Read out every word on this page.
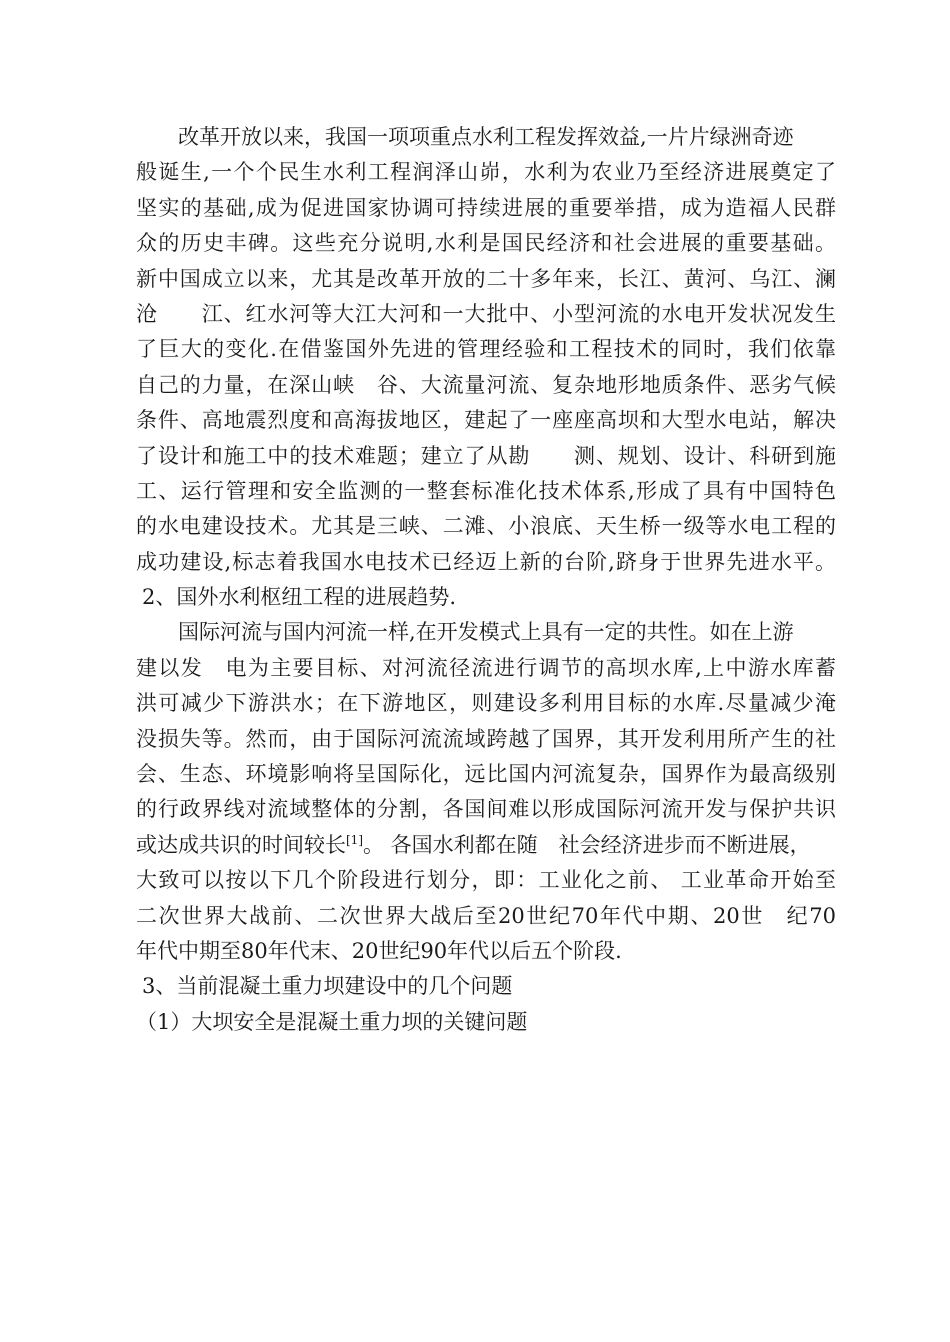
改革开放以来，我国一项项重点水利工程发挥效益,一片片绿洲奇迹
般诞生,一个个民生水利工程润泽山峁，水利为农业乃至经济进展奠定了
坚实的基础,成为促进国家协调可持续进展的重要举措，成为造福人民群
众的历史丰碑。这些充分说明,水利是国民经济和社会进展的重要基础。
新中国成立以来，尤其是改革开放的二十多年来，长江、黄河、乌江、澜
沧　　江、红水河等大江大河和一大批中、小型河流的水电开发状况发生
了巨大的变化.在借鉴国外先进的管理经验和工程技术的同时，我们依靠
自己的力量，在深山峡　谷、大流量河流、复杂地形地质条件、恶劣气候
条件、高地震烈度和高海拔地区，建起了一座座高坝和大型水电站，解决
了设计和施工中的技术难题；建立了从勘　　测、规划、设计、科研到施
工、运行管理和安全监测的一整套标准化技术体系,形成了具有中国特色
的水电建设技术。尤其是三峡、二滩、小浪底、天生桥一级等水电工程的
成功建设,标志着我国水电技术已经迈上新的台阶,跻身于世界先进水平。
2、国外水利枢纽工程的进展趋势.
国际河流与国内河流一样,在开发模式上具有一定的共性。如在上游
建以发　电为主要目标、对河流径流进行调节的高坝水库,上中游水库蓄
洪可减少下游洪水；在下游地区，则建设多利用目标的水库.尽量减少淹
没损失等。然而，由于国际河流流域跨越了国界，其开发利用所产生的社
会、生态、环境影响将呈国际化，远比国内河流复杂，国界作为最高级别
的行政界线对流域整体的分割，各国间难以形成国际河流开发与保护共识
或达成共识的时间较长[1]。 各国水利都在随　社会经济进步而不断进展，
大致可以按以下几个阶段进行划分，即：工业化之前、 工业革命开始至
二次世界大战前、二次世界大战后至20世纪70年代中期、20世　纪70
年代中期至80年代末、20世纪90年代以后五个阶段.
3、当前混凝土重力坝建设中的几个问题
（1）大坝安全是混凝土重力坝的关键问题
